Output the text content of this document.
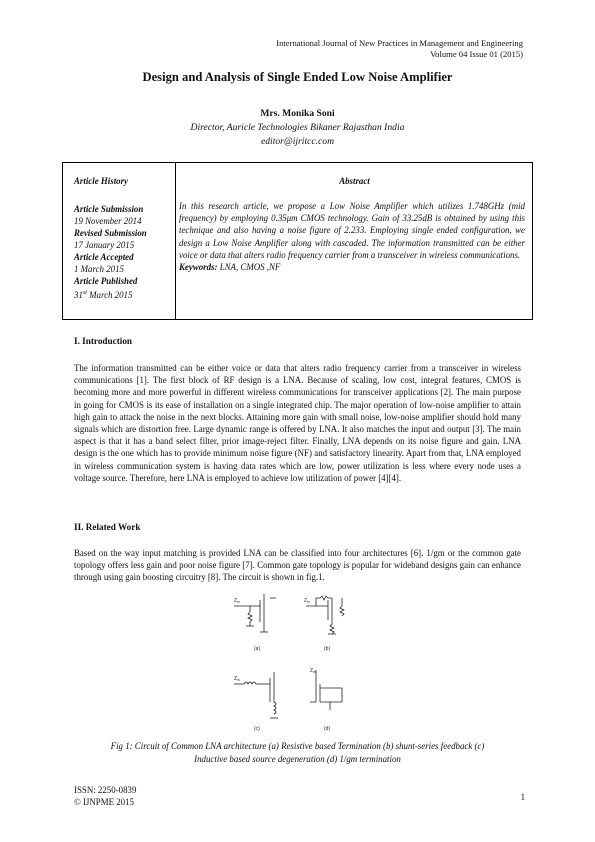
International Journal of New Practices in Management and Engineering
Volume 04 Issue 01 (2015)
Design and Analysis of Single Ended Low Noise Amplifier
Mrs. Monika Soni
Director, Auricle Technologies Bikaner Rajasthan India
editor@ijritcc.com
Article History
Article Submission
19 November 2014
Revised Submission
17 January 2015
Article Accepted
1 March 2015
Article Published
31st March 2015
Abstract
In this research article, we propose a Low Noise Amplifier which utilizes 1.748GHz (mid frequency) by employing 0.35μm CMOS technology. Gain of 33.25dB is obtained by using this technique and also having a noise figure of 2.233. Employing single ended configuration, we design a Low Noise Amplifier along with cascaded. The information transmitted can be either voice or data that alters radio frequency carrier from a transceiver in wireless communications.
Keywords: LNA, CMOS ,NF
I. Introduction
The information transmitted can be either voice or data that alters radio frequency carrier from a transceiver in wireless communications [1]. The first block of RF design is a LNA. Because of scaling, low cost, integral features, CMOS is becoming more and more powerful in different wireless communications for transceiver applications [2]. The main purpose in going for CMOS is its ease of installation on a single integrated chip. The major operation of low-noise amplifier to attain high gain to attack the noise in the next blocks. Attaining more gain with small noise, low-noise amplifier should hold many signals which are distortion free. Large dynamic range is offered by LNA. It also matches the input and output [3]. The main aspect is that it has a band select filter, prior image-reject filter. Finally, LNA depends on its noise figure and gain. LNA design is the one which has to provide minimum noise figure (NF) and satisfactory linearity. Apart from that, LNA employed in wireless communication system is having data rates which are low, power utilization is less where every node uses a voltage source. Therefore, here LNA is employed to achieve low utilization of power [4][4].
II. Related Work
Based on the way input matching is provided LNA can be classified into four architectures [6]. 1/gm or the common gate topology offers less gain and poor noise figure [7]. Common gate topology is popular for wideband designs gain can enhance through using gain boosting circuitry [8]. The circuit is shown in fig.1.
$Z_{in}$	$Z_{in}$
$Z_{in}$
$Z_{in}$
(a)	(b)
(c)	(d)
Fig 1: Circuit of Common LNA architecture (a) Resistive based Termination (b) shunt-series feedback (c)
Inductive based source degeneration (d) 1/gm termination
ISSN: 2250-0839
© IJNPME 2015	1
